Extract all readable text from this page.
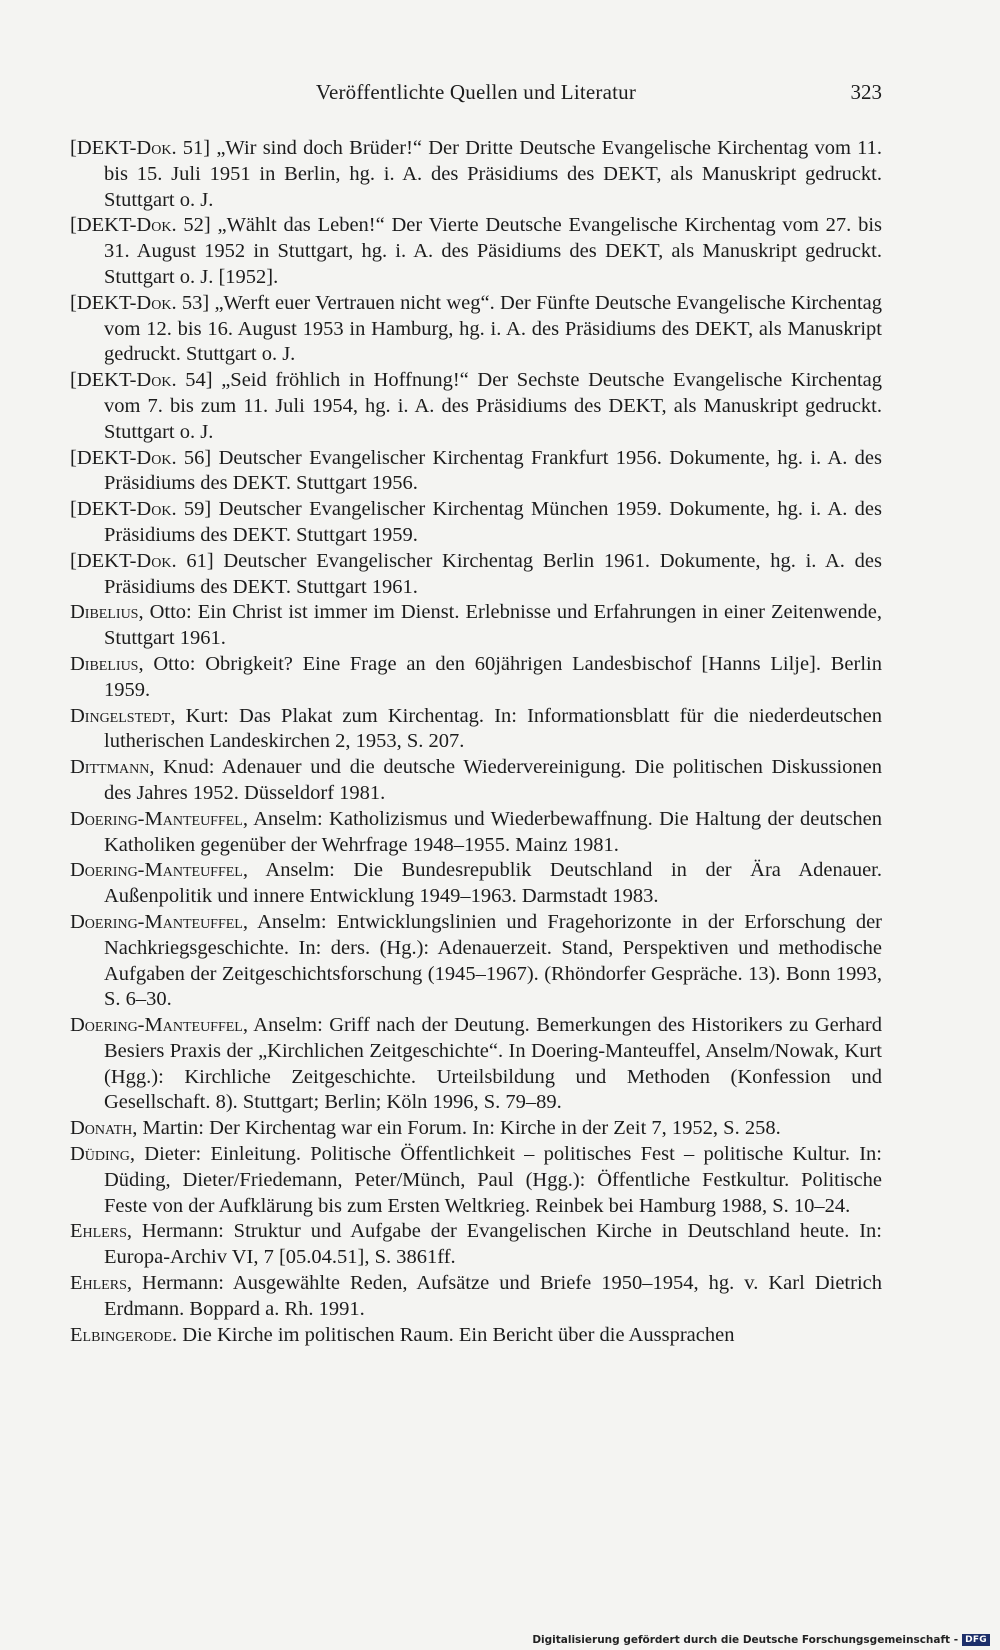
Veröffentlichte Quellen und Literatur	323

[DEKT-Dok. 51] „Wir sind doch Brüder!“ Der Dritte Deutsche Evangelische Kirchentag vom 11. bis 15. Juli 1951 in Berlin, hg. i. A. des Präsidiums des DEKT, als Manuskript gedruckt. Stuttgart o. J.

[DEKT-Dok. 52] „Wählt das Leben!“ Der Vierte Deutsche Evangelische Kirchentag vom 27. bis 31. August 1952 in Stuttgart, hg. i. A. des Päsidiums des DEKT, als Manuskript gedruckt. Stuttgart o. J. [1952].

[DEKT-Dok. 53] „Werft euer Vertrauen nicht weg“. Der Fünfte Deutsche Evangelische Kirchentag vom 12. bis 16. August 1953 in Hamburg, hg. i. A. des Präsidiums des DEKT, als Manuskript gedruckt. Stuttgart o. J.

[DEKT-Dok. 54] „Seid fröhlich in Hoffnung!“ Der Sechste Deutsche Evangelische Kirchentag vom 7. bis zum 11. Juli 1954, hg. i. A. des Präsidiums des DEKT, als Manuskript gedruckt. Stuttgart o. J.

[DEKT-Dok. 56] Deutscher Evangelischer Kirchentag Frankfurt 1956. Dokumente, hg. i. A. des Präsidiums des DEKT. Stuttgart 1956.

[DEKT-Dok. 59] Deutscher Evangelischer Kirchentag München 1959. Dokumente, hg. i. A. des Präsidiums des DEKT. Stuttgart 1959.

[DEKT-Dok. 61] Deutscher Evangelischer Kirchentag Berlin 1961. Dokumente, hg. i. A. des Präsidiums des DEKT. Stuttgart 1961.

Dibelius, Otto: Ein Christ ist immer im Dienst. Erlebnisse und Erfahrungen in einer Zeitenwende, Stuttgart 1961.

Dibelius, Otto: Obrigkeit? Eine Frage an den 60jährigen Landesbischof [Hanns Lilje]. Berlin 1959.

Dingelstedt, Kurt: Das Plakat zum Kirchentag. In: Informationsblatt für die niederdeutschen lutherischen Landeskirchen 2, 1953, S. 207.

Dittmann, Knud: Adenauer und die deutsche Wiedervereinigung. Die politischen Diskussionen des Jahres 1952. Düsseldorf 1981.

Doering-Manteuffel, Anselm: Katholizismus und Wiederbewaffnung. Die Haltung der deutschen Katholiken gegenüber der Wehrfrage 1948–1955. Mainz 1981.

Doering-Manteuffel, Anselm: Die Bundesrepublik Deutschland in der Ära Adenauer. Außenpolitik und innere Entwicklung 1949–1963. Darmstadt 1983.

Doering-Manteuffel, Anselm: Entwicklungslinien und Fragehorizonte in der Erforschung der Nachkriegsgeschichte. In: ders. (Hg.): Adenauerzeit. Stand, Perspektiven und methodische Aufgaben der Zeitgeschichtsforschung (1945–1967). (Rhöndorfer Gespräche. 13). Bonn 1993, S. 6–30.

Doering-Manteuffel, Anselm: Griff nach der Deutung. Bemerkungen des Historikers zu Gerhard Besiers Praxis der „Kirchlichen Zeitgeschichte“. In Doering-Manteuffel, Anselm/Nowak, Kurt (Hgg.): Kirchliche Zeitgeschichte. Urteilsbildung und Methoden (Konfession und Gesellschaft. 8). Stuttgart; Berlin; Köln 1996, S. 79–89.

Donath, Martin: Der Kirchentag war ein Forum. In: Kirche in der Zeit 7, 1952, S. 258.

Düding, Dieter: Einleitung. Politische Öffentlichkeit – politisches Fest – politische Kultur. In: Düding, Dieter/Friedemann, Peter/Münch, Paul (Hgg.): Öffentliche Festkultur. Politische Feste von der Aufklärung bis zum Ersten Weltkrieg. Reinbek bei Hamburg 1988, S. 10–24.

Ehlers, Hermann: Struktur und Aufgabe der Evangelischen Kirche in Deutschland heute. In: Europa-Archiv VI, 7 [05.04.51], S. 3861ff.

Ehlers, Hermann: Ausgewählte Reden, Aufsätze und Briefe 1950–1954, hg. v. Karl Dietrich Erdmann. Boppard a. Rh. 1991.

Elbingerode. Die Kirche im politischen Raum. Ein Bericht über die Aussprachen

Digitalisierung gefördert durch die Deutsche Forschungsgemeinschaft - DFG
